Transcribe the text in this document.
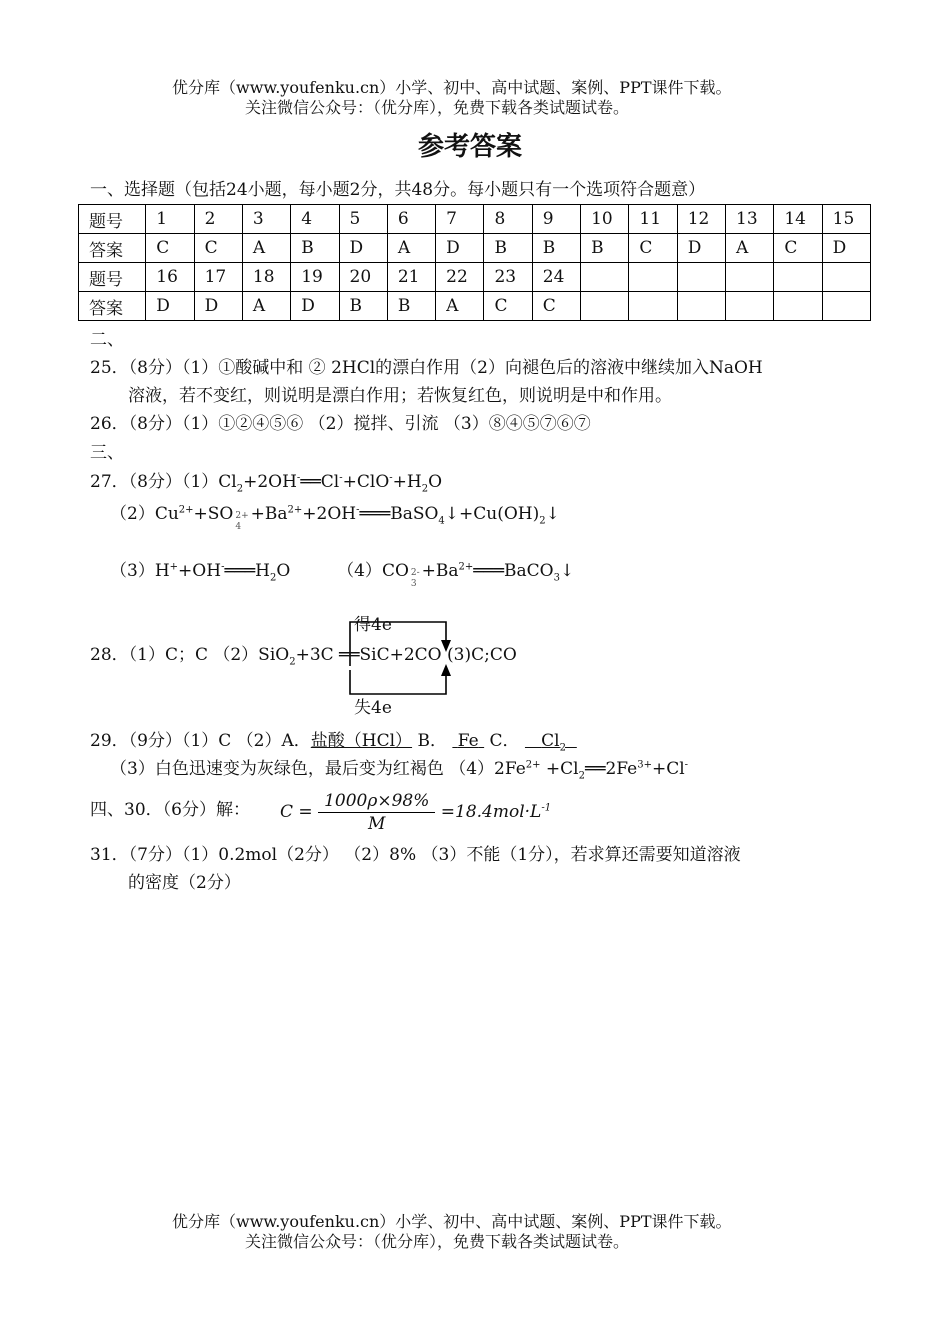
优分库（www.youfenku.cn）小学、初中、高中试题、案例、PPT课件下载。
关注微信公众号：（优分库），免费下载各类试题试卷。
参考答案
一、选择题（包括24小题，每小题2分，共48分。每小题只有一个选项符合题意）
题号	1	2	3	4	5	6	7	8	9	10	11	12	13	14	15
答案	C	C	A	B	D	A	D	B	B	B	C	D	A	C	D
题号	16	17	18	19	20	21	22	23	24						
答案	D	D	A	D	B	B	A	C	C						
二、
25．（8分）（1）①酸碱中和 ② 2HCl的漂白作用（2）向褪色后的溶液中继续加入NaOH
溶液，若不变红，则说明是漂白作用；若恢复红色，则说明是中和作用。
26．（8分）（1）①②④⑤⑥ （2）搅拌、引流 （3）⑧④⑤⑦⑥⑦
三、
27．（8分）$(1)Cl_2+2OH^-══Cl^-+ClO^-+H_2O$
$(2)Cu^{2+}+SO$ 2+
4
$+Ba^{2+}+2OH^-═══BaSO_4↓+Cu(OH)_2↓$
$(3)H^++OH^-═══H_2O$	（4）CO 2-
3
$+Ba^{2+}═══BaCO_3↓$
得4e
失4e
28．（1）C；C （2）SiO$_2$+3C ══SiC+2CO (3)C;CO
29．（9分）（1）C （2）A．盐酸（HCl） B． Fe C． $Cl_2$
（3）白色迅速变为灰绿色，最后变为红褐色 $(4)2Fe^{2+}$ $+Cl_2══2Fe^{3+}+Cl^-$
四、30．（6分）解： $C = \frac{1000\rho\times 98\%}{M} =18.4mol\cdot L^{-1}$
31．（7分）（1）0.2mol（2分） （2）8% （3）不能（1分），若求算还需要知道溶液
的密度（2分）
优分库（www.youfenku.cn）小学、初中、高中试题、案例、PPT课件下载。
关注微信公众号：（优分库），免费下载各类试题试卷。
